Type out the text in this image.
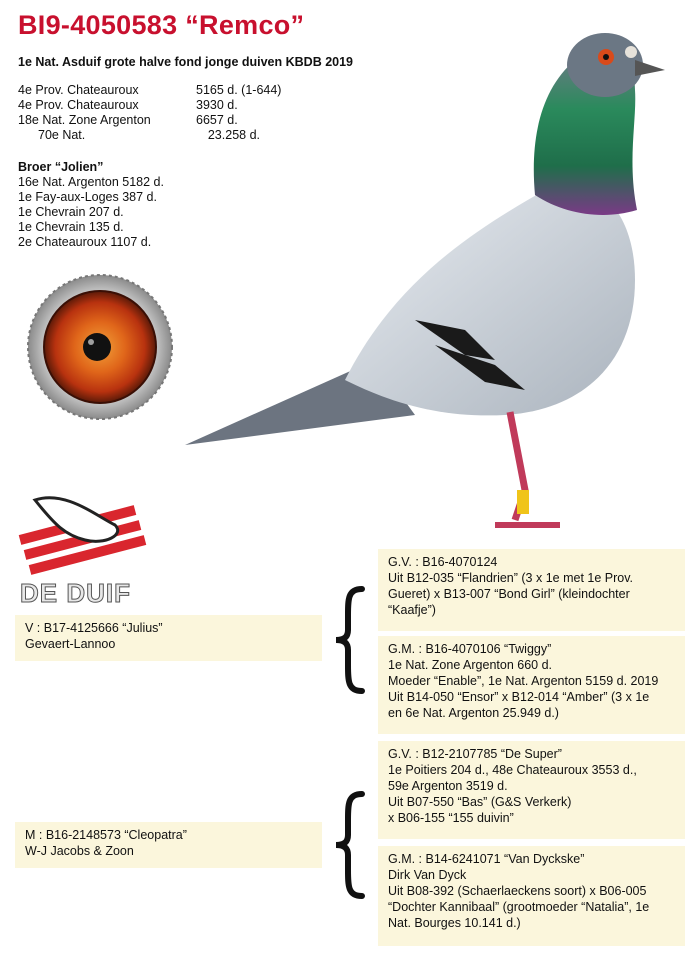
BI9-4050583 “Remco”
1e Nat. Asduif grote halve fond jonge duiven KBDB 2019
4e Prov. Chateauroux	5165 d. (1-644)
4e Prov. Chateauroux	3930 d.
18e Nat. Zone Argenton	6657 d.
70e Nat.	23.258 d.
Broer “Jolien”
16e Nat. Argenton 5182 d.
1e Fay-aux-Loges 387 d.
1e Chevrain 207 d.
1e Chevrain 135 d.
2e Chateauroux 1107 d.
DE DUIF
V : B17-4125666 “Julius”
Gevaert-Lannoo
M : B16-2148573 “Cleopatra”
W-J Jacobs & Zoon
G.V. : B16-4070124
Uit B12-035 “Flandrien” (3 x 1e met 1e Prov.
Gueret) x B13-007 “Bond Girl” (kleindochter
“Kaafje”)
G.M. : B16-4070106 “Twiggy”
1e Nat. Zone Argenton 660 d.
Moeder “Enable”, 1e Nat. Argenton 5159 d. 2019
Uit B14-050 “Ensor” x B12-014 “Amber” (3 x 1e
en 6e Nat. Argenton 25.949 d.)
G.V. : B12-2107785 “De Super”
1e Poitiers 204 d., 48e Chateauroux 3553 d.,
59e Argenton 3519 d.
Uit B07-550 “Bas” (G&S Verkerk)
x B06-155 “155 duivin”
G.M. : B14-6241071 “Van Dyckske”
Dirk Van Dyck
Uit B08-392 (Schaerlaeckens soort) x B06-005
“Dochter Kannibaal” (grootmoeder “Natalia”, 1e
Nat. Bourges 10.141 d.)
